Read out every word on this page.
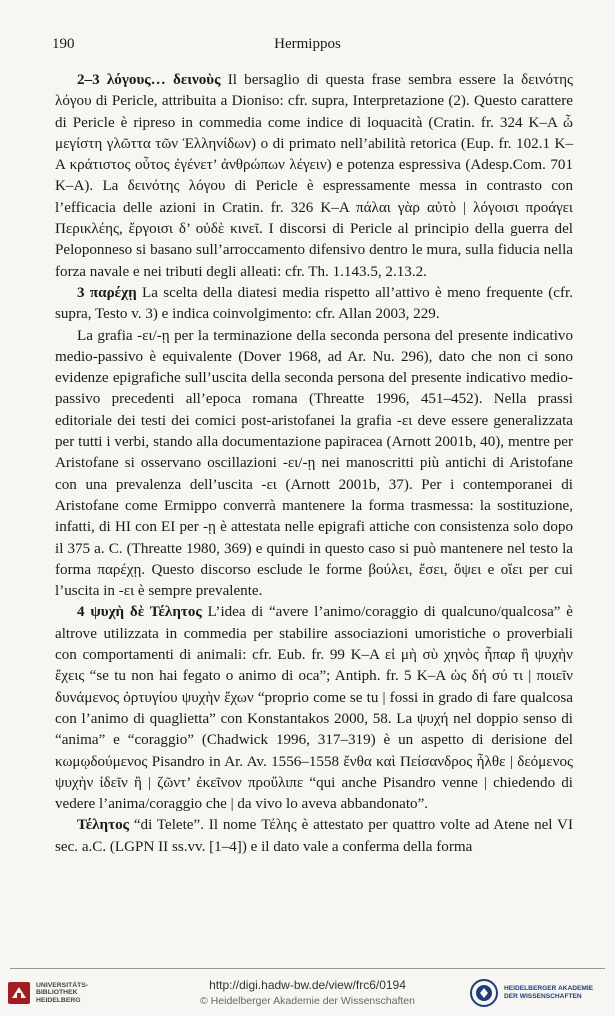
190	Hermippos

2–3 λόγους… δεινοὺς Il bersaglio di questa frase sembra essere la δεινότης λόγου di Pericle, attribuita a Dioniso: cfr. supra, Interpretazione (2). Questo carattere di Pericle è ripreso in commedia come indice di loquacità (Cratin. fr. 324 K–A ὦ μεγίστη γλῶττα τῶν Ἑλληνίδων) o di primato nell’abilità retorica (Eup. fr. 102.1 K–A κράτιστος οὗτος ἐγένετ’ ἀνθρώπων λέγειν) e potenza espressiva (Adesp.Com. 701 K–A). La δεινότης λόγου di Pericle è espressamente messa in contrasto con l’efficacia delle azioni in Cratin. fr. 326 K–A πάλαι γὰρ αὐτὸ | λόγοισι προάγει Περικλέης, ἔργοισι δ’ οὐδὲ κινεῖ. I discorsi di Pericle al principio della guerra del Peloponneso si basano sull’arroccamento difensivo dentro le mura, sulla fiducia nella forza navale e nei tributi degli alleati: cfr. Th. 1.143.5, 2.13.2.

3 παρέχῃ La scelta della diatesi media rispetto all’attivo è meno frequente (cfr. supra, Testo v. 3) e indica coinvolgimento: cfr. Allan 2003, 229.

La grafia -ει/-ῃ per la terminazione della seconda persona del presente indicativo medio-passivo è equivalente (Dover 1968, ad Ar. Nu. 296), dato che non ci sono evidenze epigrafiche sull’uscita della seconda persona del presente indicativo medio-passivo precedenti all’epoca romana (Threatte 1996, 451–452). Nella prassi editoriale dei testi dei comici post-aristofanei la grafia -ει deve essere generalizzata per tutti i verbi, stando alla documentazione papiracea (Arnott 2001b, 40), mentre per Aristofane si osservano oscillazioni -ει/-ῃ nei manoscritti più antichi di Aristofane con una prevalenza dell’uscita -ει (Arnott 2001b, 37). Per i contemporanei di Aristofane come Ermippo converrà mantenere la forma trasmessa: la sostituzione, infatti, di HI con EI per -ῃ è attestata nelle epigrafi attiche con consistenza solo dopo il 375 a. C. (Threatte 1980, 369) e quindi in questo caso si può mantenere nel testo la forma παρέχῃ. Questo discorso esclude le forme βούλει, ἔσει, ὄψει e οἴει per cui l’uscita in -ει è sempre prevalente.

4 ψυχὴ δὲ Τέλητος L’idea di “avere l’animo/coraggio di qualcuno/qualcosa” è altrove utilizzata in commedia per stabilire associazioni umoristiche o proverbiali con comportamenti di animali: cfr. Eub. fr. 99 K–A εἰ μὴ σὺ χηνὸς ἧπαρ ἢ ψυχὴν ἔχεις “se tu non hai fegato o animo di oca”; Antiph. fr. 5 K–A ὡς δή σύ τι | ποιεῖν δυνάμενος ὀρτυγίου ψυχὴν ἔχων “proprio come se tu | fossi in grado di fare qualcosa con l’animo di quaglietta” con Konstantakos 2000, 58. La ψυχή nel doppio senso di “anima” e “coraggio” (Chadwick 1996, 317–319) è un aspetto di derisione del κωμῳδούμενος Pisandro in Ar. Av. 1556–1558 ἔνθα καὶ Πείσανδρος ἦλθε | δεόμενος ψυχὴν ἰδεῖν ἣ | ζῶντ’ ἐκεῖνον προὔλιπε “qui anche Pisandro venne | chiedendo di vedere l’anima/coraggio che | da vivo lo aveva abbandonato”.

Τέλητος “di Telete”. Il nome Τέλης è attestato per quattro volte ad Atene nel VI sec. a.C. (LGPN II ss.vv. [1–4]) e il dato vale a conferma della forma

UNIVERSITÄTS-
BIBLIOTHEK
HEIDELBERG
http://digi.hadw-bw.de/view/frc6/0194
© Heidelberger Akademie der Wissenschaften
HEIDELBERGER AKADEMIE
DER WISSENSCHAFTEN
